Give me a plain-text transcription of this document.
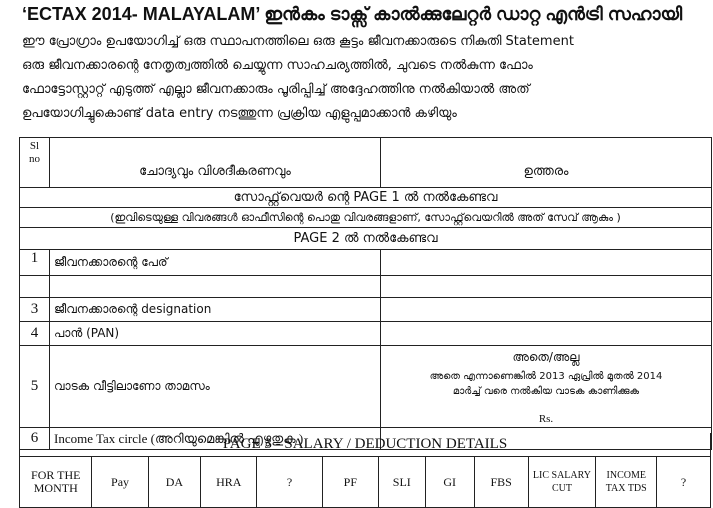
‘ECTAX 2014- MALAYALAM’ ഇൻകം ടാക്സ് കാൽക്കുലേറ്റർ ഡാറ്റ എൻട്രി സഹായി
ഈ പ്രോഗ്രാം ഉപയോഗിച്ച് ഒരു സ്ഥാപനത്തിലെ ഒരു കൂട്ടം ജീവനക്കാരുടെ നികുതി Statement
ഒരു ജീവനക്കാരന്റെ നേതൃത്വത്തിൽ ചെയ്യുന്ന സാഹചര്യത്തിൽ, ചുവടെ നൽകുന്ന ഫോം
ഫോട്ടോസ്റ്റാറ്റ് എടുത്ത് എല്ലാ ജീവനക്കാരും പൂരിപ്പിച്ച് അദ്ദേഹത്തിനു നൽകിയാൽ അത്
ഉപയോഗിച്ചുകൊണ്ട് data entry നടത്തുന്ന പ്രക്രിയ എളുപ്പമാക്കാൻ കഴിയും
Sl no	ചോദ്യവും വിശദീകരണവും	ഉത്തരം
സോഫ്റ്റ്‌വെയർ ന്റെ PAGE 1 ൽ നൽകേണ്ടവ		
(ഇവിടെയുള്ള വിവരങ്ങൾ ഓഫീസിന്റെ പൊതു വിവരങ്ങളാണ്, സോഫ്റ്റ്‌വെയറിൽ അത് സേവ് ആകും )		
PAGE 2 ൽ നൽകേണ്ടവ		
1	ജീവനക്കാരന്റെ പേര്	

3	ജീവനക്കാരന്റെ designation	
4	പാൻ (PAN)	
5	വാടക വീട്ടിലാണോ താമസം	അതെ/അല്ല
അതെ എന്നാണെങ്കിൽ 2013 ഏപ്രിൽ മുതൽ 2014
മാർച്ച് വരെ നൽകിയ വാടക കാണിക്കുക
Rs.

6	Income Tax circle (അറിയുമെങ്കിൽ എഴുതുക )	
PAGE 3 - SALARY / DEDUCTION DETAILS
FOR THE MONTH	Pay	DA	HRA	?	PF	SLI	GI	FBS	LIC SALARY CUT	INCOME TAX TDS	?
